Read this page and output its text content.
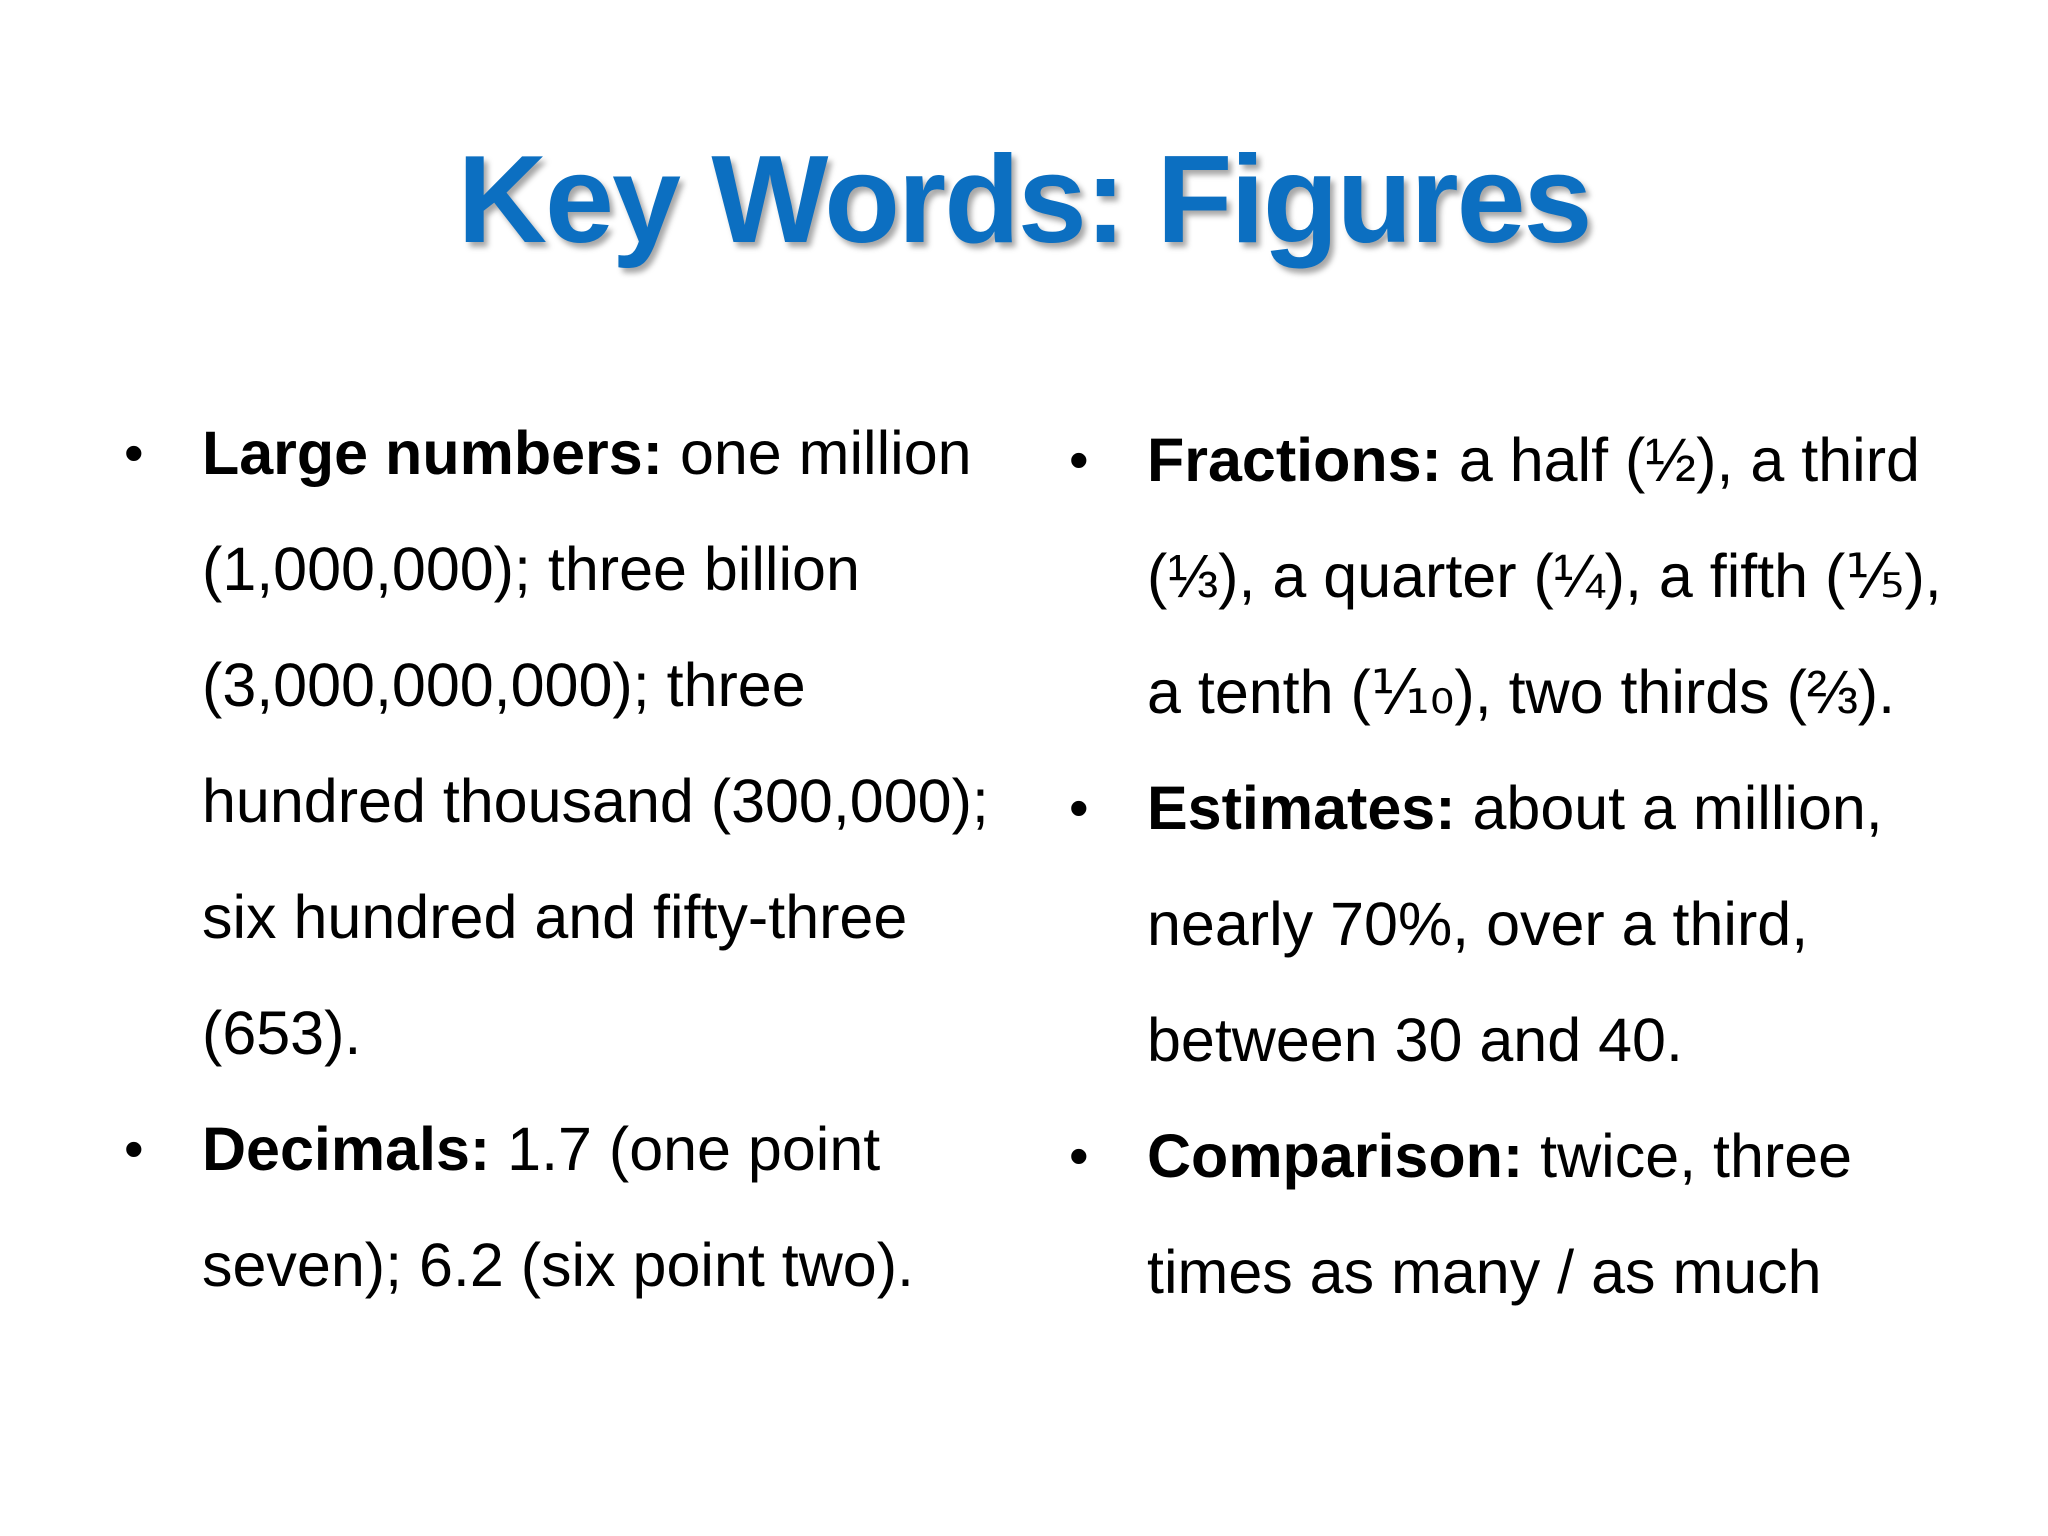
Key Words: Figures
• Large numbers: one million (1,000,000); three billion (3,000,000,000); three hundred thousand (300,000); six hundred and fifty-three (653).
• Decimals: 1.7 (one point seven); 6.2 (six point two).
• Fractions: a half (½), a third (⅓), a quarter (¼), a fifth (⅕), a tenth (⅒), two thirds (⅔).
• Estimates: about a million, nearly 70%, over a third, between 30 and 40.
• Comparison: twice, three times as many / as much
